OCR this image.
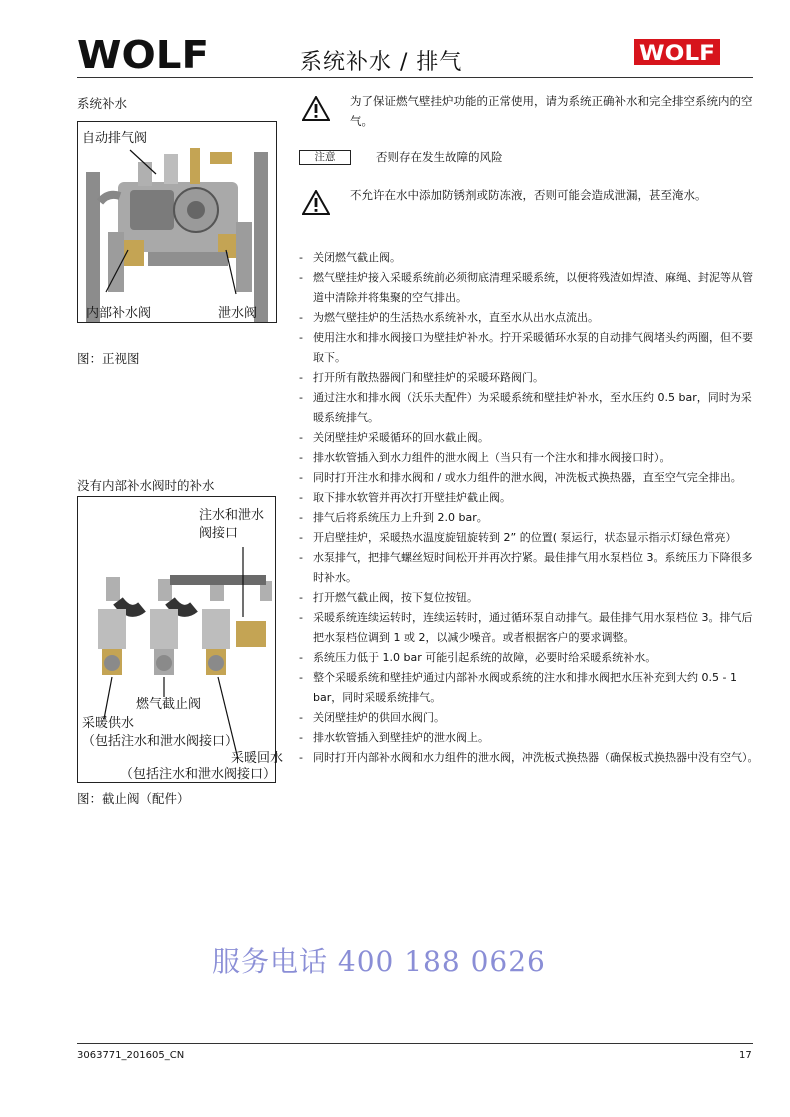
WOLF	系统补水 / 排气	WOLF
系统补水
自动排气阀
内部补水阀	泄水阀
图：正视图
没有内部补水阀时的补水
注水和泄水
阀接口
燃气截止阀
采暖供水
（包括注水和泄水阀接口）
采暖回水
（包括注水和泄水阀接口）
图：截止阀（配件）
为了保证燃气壁挂炉功能的正常使用，请为系统正确补水和完全排空系统内的空气。
注意	否则存在发生故障的风险
不允许在水中添加防锈剂或防冻液，否则可能会造成泄漏，甚至淹水。
- 关闭燃气截止阀。
- 燃气壁挂炉接入采暖系统前必须彻底清理采暖系统，以便将残渣如焊渣、麻绳、封泥等从管道中清除并将集聚的空气排出。
- 为燃气壁挂炉的生活热水系统补水，直至水从出水点流出。
- 使用注水和排水阀接口为壁挂炉补水。拧开采暖循环水泵的自动排气阀堵头约两圈，但不要取下。
- 打开所有散热器阀门和壁挂炉的采暖环路阀门。
- 通过注水和排水阀（沃乐夫配件）为采暖系统和壁挂炉补水，至水压约 0.5 bar，同时为采暖系统排气。
- 关闭壁挂炉采暖循环的回水截止阀。
- 排水软管插入到水力组件的泄水阀上（当只有一个注水和排水阀接口时）。
- 同时打开注水和排水阀和 / 或水力组件的泄水阀，冲洗板式换热器，直至空气完全排出。
- 取下排水软管并再次打开壁挂炉截止阀。
- 排气后将系统压力上升到 2.0 bar。
- 开启壁挂炉，采暖热水温度旋钮旋转到 2” 的位置( 泵运行，状态显示指示灯绿色常亮）
- 水泵排气，把排气螺丝短时间松开并再次拧紧。最佳排气用水泵档位 3。系统压力下降很多时补水。
- 打开燃气截止阀，按下复位按钮。
- 采暖系统连续运转时，连续运转时，通过循环泵自动排气。最佳排气用水泵档位 3。排气后把水泵档位调到 1 或 2，以减少噪音。或者根据客户的要求调整。
- 系统压力低于 1.0 bar 可能引起系统的故障，必要时给采暖系统补水。
- 整个采暖系统和壁挂炉通过内部补水阀或系统的注水和排水阀把水压补充到大约 0.5 - 1 bar，同时采暖系统排气。
- 关闭壁挂炉的供回水阀门。
- 排水软管插入到壁挂炉的泄水阀上。
- 同时打开内部补水阀和水力组件的泄水阀，冲洗板式换热器（确保板式换热器中没有空气）。
服务电话 400 188 0626
3063771_201605_CN	17
